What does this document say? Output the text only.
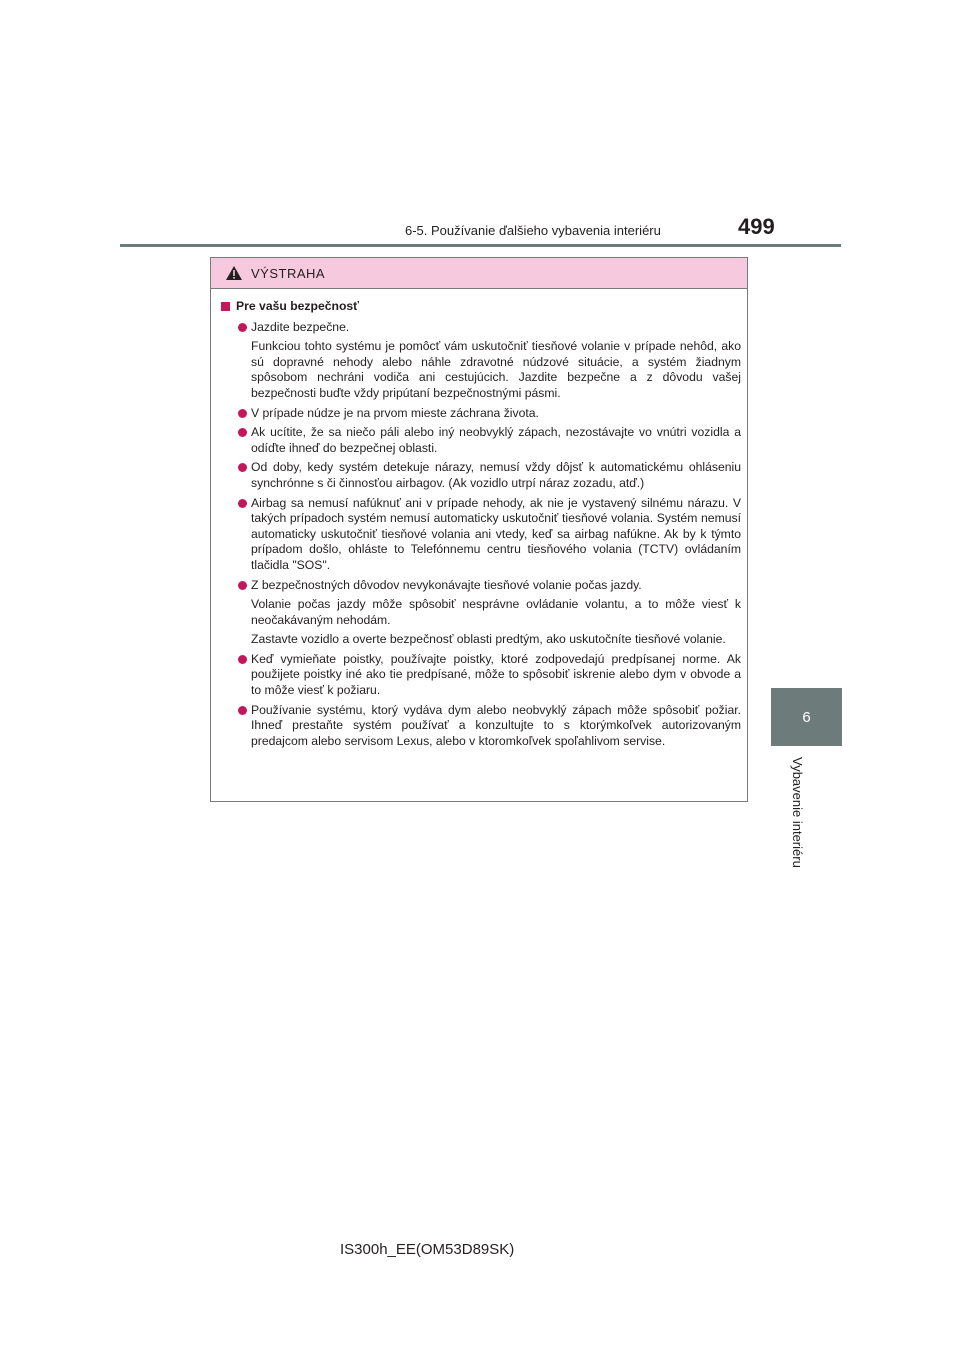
6-5. Používanie ďalšieho vybavenia interiéru	499
6
Vybavenie interiéru
VÝSTRAHA
Pre vašu bezpečnosť
Jazdite bezpečne.
Funkciou tohto systému je pomôcť vám uskutočniť tiesňové volanie v prípade nehôd, ako sú dopravné nehody alebo náhle zdravotné núdzové situácie, a systém žiadnym spôsobom nechráni vodiča ani cestujúcich. Jazdite bezpečne a z dôvodu vašej bezpečnosti buďte vždy pripútaní bezpečnostnými pásmi.
V prípade núdze je na prvom mieste záchrana života.
Ak ucítite, že sa niečo páli alebo iný neobvyklý zápach, nezostávajte vo vnútri vozidla a odíďte ihneď do bezpečnej oblasti.
Od doby, kedy systém detekuje nárazy, nemusí vždy dôjsť k automatickému ohláseniu synchrónne s či činnosťou airbagov. (Ak vozidlo utrpí náraz zozadu, atď.)
Airbag sa nemusí nafúknuť ani v prípade nehody, ak nie je vystavený silnému nárazu. V takých prípadoch systém nemusí automaticky uskutočniť tiesňové volania. Systém nemusí automaticky uskutočniť tiesňové volania ani vtedy, keď sa airbag nafúkne. Ak by k týmto prípadom došlo, ohláste to Telefónnemu centru tiesňového volania (TCTV) ovládaním tlačidla "SOS".
Z bezpečnostných dôvodov nevykonávajte tiesňové volanie počas jazdy.
Volanie počas jazdy môže spôsobiť nesprávne ovládanie volantu, a to môže viesť k neočakávaným nehodám.
Zastavte vozidlo a overte bezpečnosť oblasti predtým, ako uskutočníte tiesňové volanie.
Keď vymieňate poistky, používajte poistky, ktoré zodpovedajú predpísanej norme. Ak použijete poistky iné ako tie predpísané, môže to spôsobiť iskrenie alebo dym v obvode a to môže viesť k požiaru.
Používanie systému, ktorý vydáva dym alebo neobvyklý zápach môže spôsobiť požiar. Ihneď prestaňte systém používať a konzultujte to s ktorýmkoľvek autorizovaným predajcom alebo servisom Lexus, alebo v ktoromkoľvek spoľahlivom servise.
IS300h_EE(OM53D89SK)
